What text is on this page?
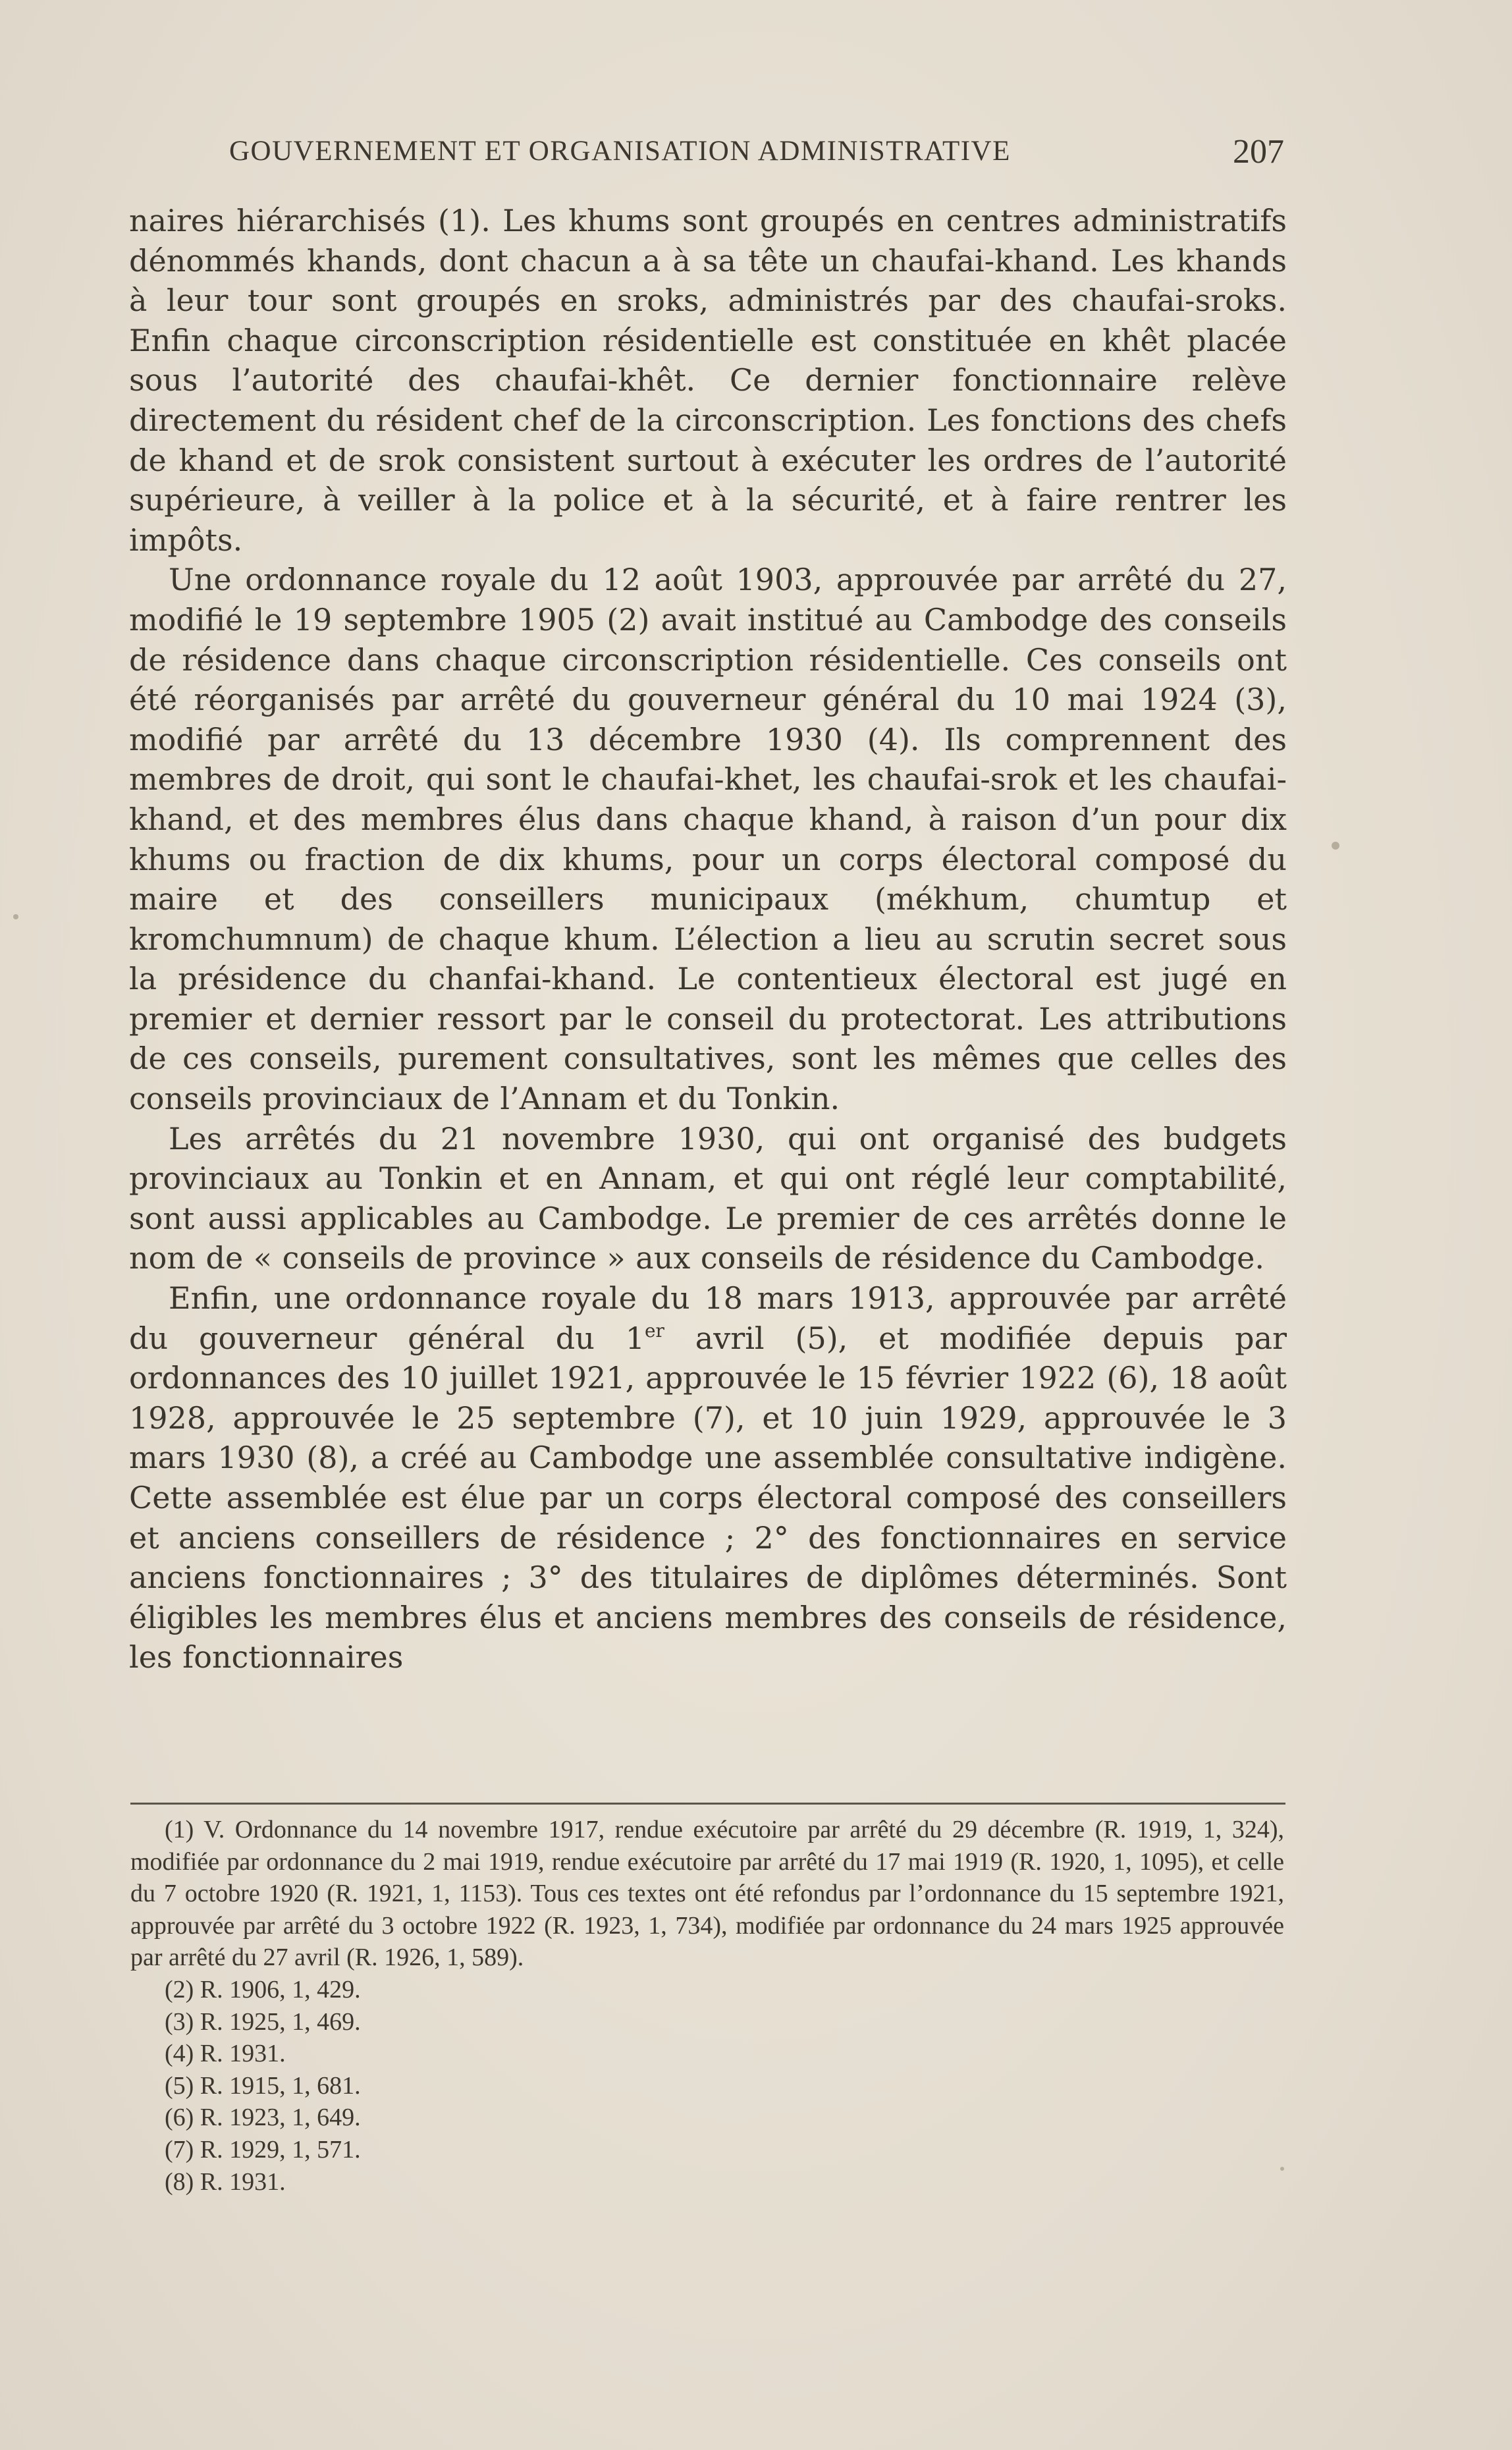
GOUVERNEMENT ET ORGANISATION ADMINISTRATIVE	207

naires hiérarchisés (1). Les khums sont groupés en centres administratifs dénommés khands, dont chacun a à sa tête un chaufai-khand. Les khands à leur tour sont groupés en sroks, administrés par des chaufai-sroks. Enfin chaque circonscription résidentielle est constituée en khêt placée sous l’autorité des chaufai-khêt. Ce dernier fonctionnaire relève directement du résident chef de la circonscription. Les fonctions des chefs de khand et de srok consistent surtout à exécuter les ordres de l’autorité supérieure, à veiller à la police et à la sécurité, et à faire rentrer les impôts.

Une ordonnance royale du 12 août 1903, approuvée par arrêté du 27, modifié le 19 septembre 1905 (2) avait institué au Cambodge des conseils de résidence dans chaque circonscription résidentielle. Ces conseils ont été réorganisés par arrêté du gouverneur général du 10 mai 1924 (3), modifié par arrêté du 13 décembre 1930 (4). Ils comprennent des membres de droit, qui sont le chaufai-khet, les chaufai-srok et les chaufai-khand, et des membres élus dans chaque khand, à raison d’un pour dix khums ou fraction de dix khums, pour un corps électoral composé du maire et des conseillers municipaux (mékhum, chumtup et kromchumnum) de chaque khum. L’élection a lieu au scrutin secret sous la présidence du chanfai-khand. Le contentieux électoral est jugé en premier et dernier ressort par le conseil du protectorat. Les attributions de ces conseils, purement consultatives, sont les mêmes que celles des conseils provinciaux de l’Annam et du Tonkin.

Les arrêtés du 21 novembre 1930, qui ont organisé des budgets provinciaux au Tonkin et en Annam, et qui ont réglé leur comptabilité, sont aussi applicables au Cambodge. Le premier de ces arrêtés donne le nom de « conseils de province » aux conseils de résidence du Cambodge.

Enfin, une ordonnance royale du 18 mars 1913, approuvée par arrêté du gouverneur général du 1er avril (5), et modifiée depuis par ordonnances des 10 juillet 1921, approuvée le 15 février 1922 (6), 18 août 1928, approuvée le 25 septembre (7), et 10 juin 1929, approuvée le 3 mars 1930 (8), a créé au Cambodge une assemblée consultative indigène. Cette assemblée est élue par un corps électoral composé des conseillers et anciens conseillers de résidence ; 2° des fonctionnaires en service anciens fonctionnaires ; 3° des titulaires de diplômes déterminés. Sont éligibles les membres élus et anciens membres des conseils de résidence, les fonctionnaires

(1) V. Ordonnance du 14 novembre 1917, rendue exécutoire par arrêté du 29 décembre (R. 1919, 1, 324), modifiée par ordonnance du 2 mai 1919, rendue exécutoire par arrêté du 17 mai 1919 (R. 1920, 1, 1095), et celle du 7 octobre 1920 (R. 1921, 1, 1153). Tous ces textes ont été refondus par l’ordonnance du 15 septembre 1921, approuvée par arrêté du 3 octobre 1922 (R. 1923, 1, 734), modifiée par ordonnance du 24 mars 1925 approuvée par arrêté du 27 avril (R. 1926, 1, 589).

(2) R. 1906, 1, 429.

(3) R. 1925, 1, 469.

(4) R. 1931.

(5) R. 1915, 1, 681.

(6) R. 1923, 1, 649.

(7) R. 1929, 1, 571.

(8) R. 1931.
